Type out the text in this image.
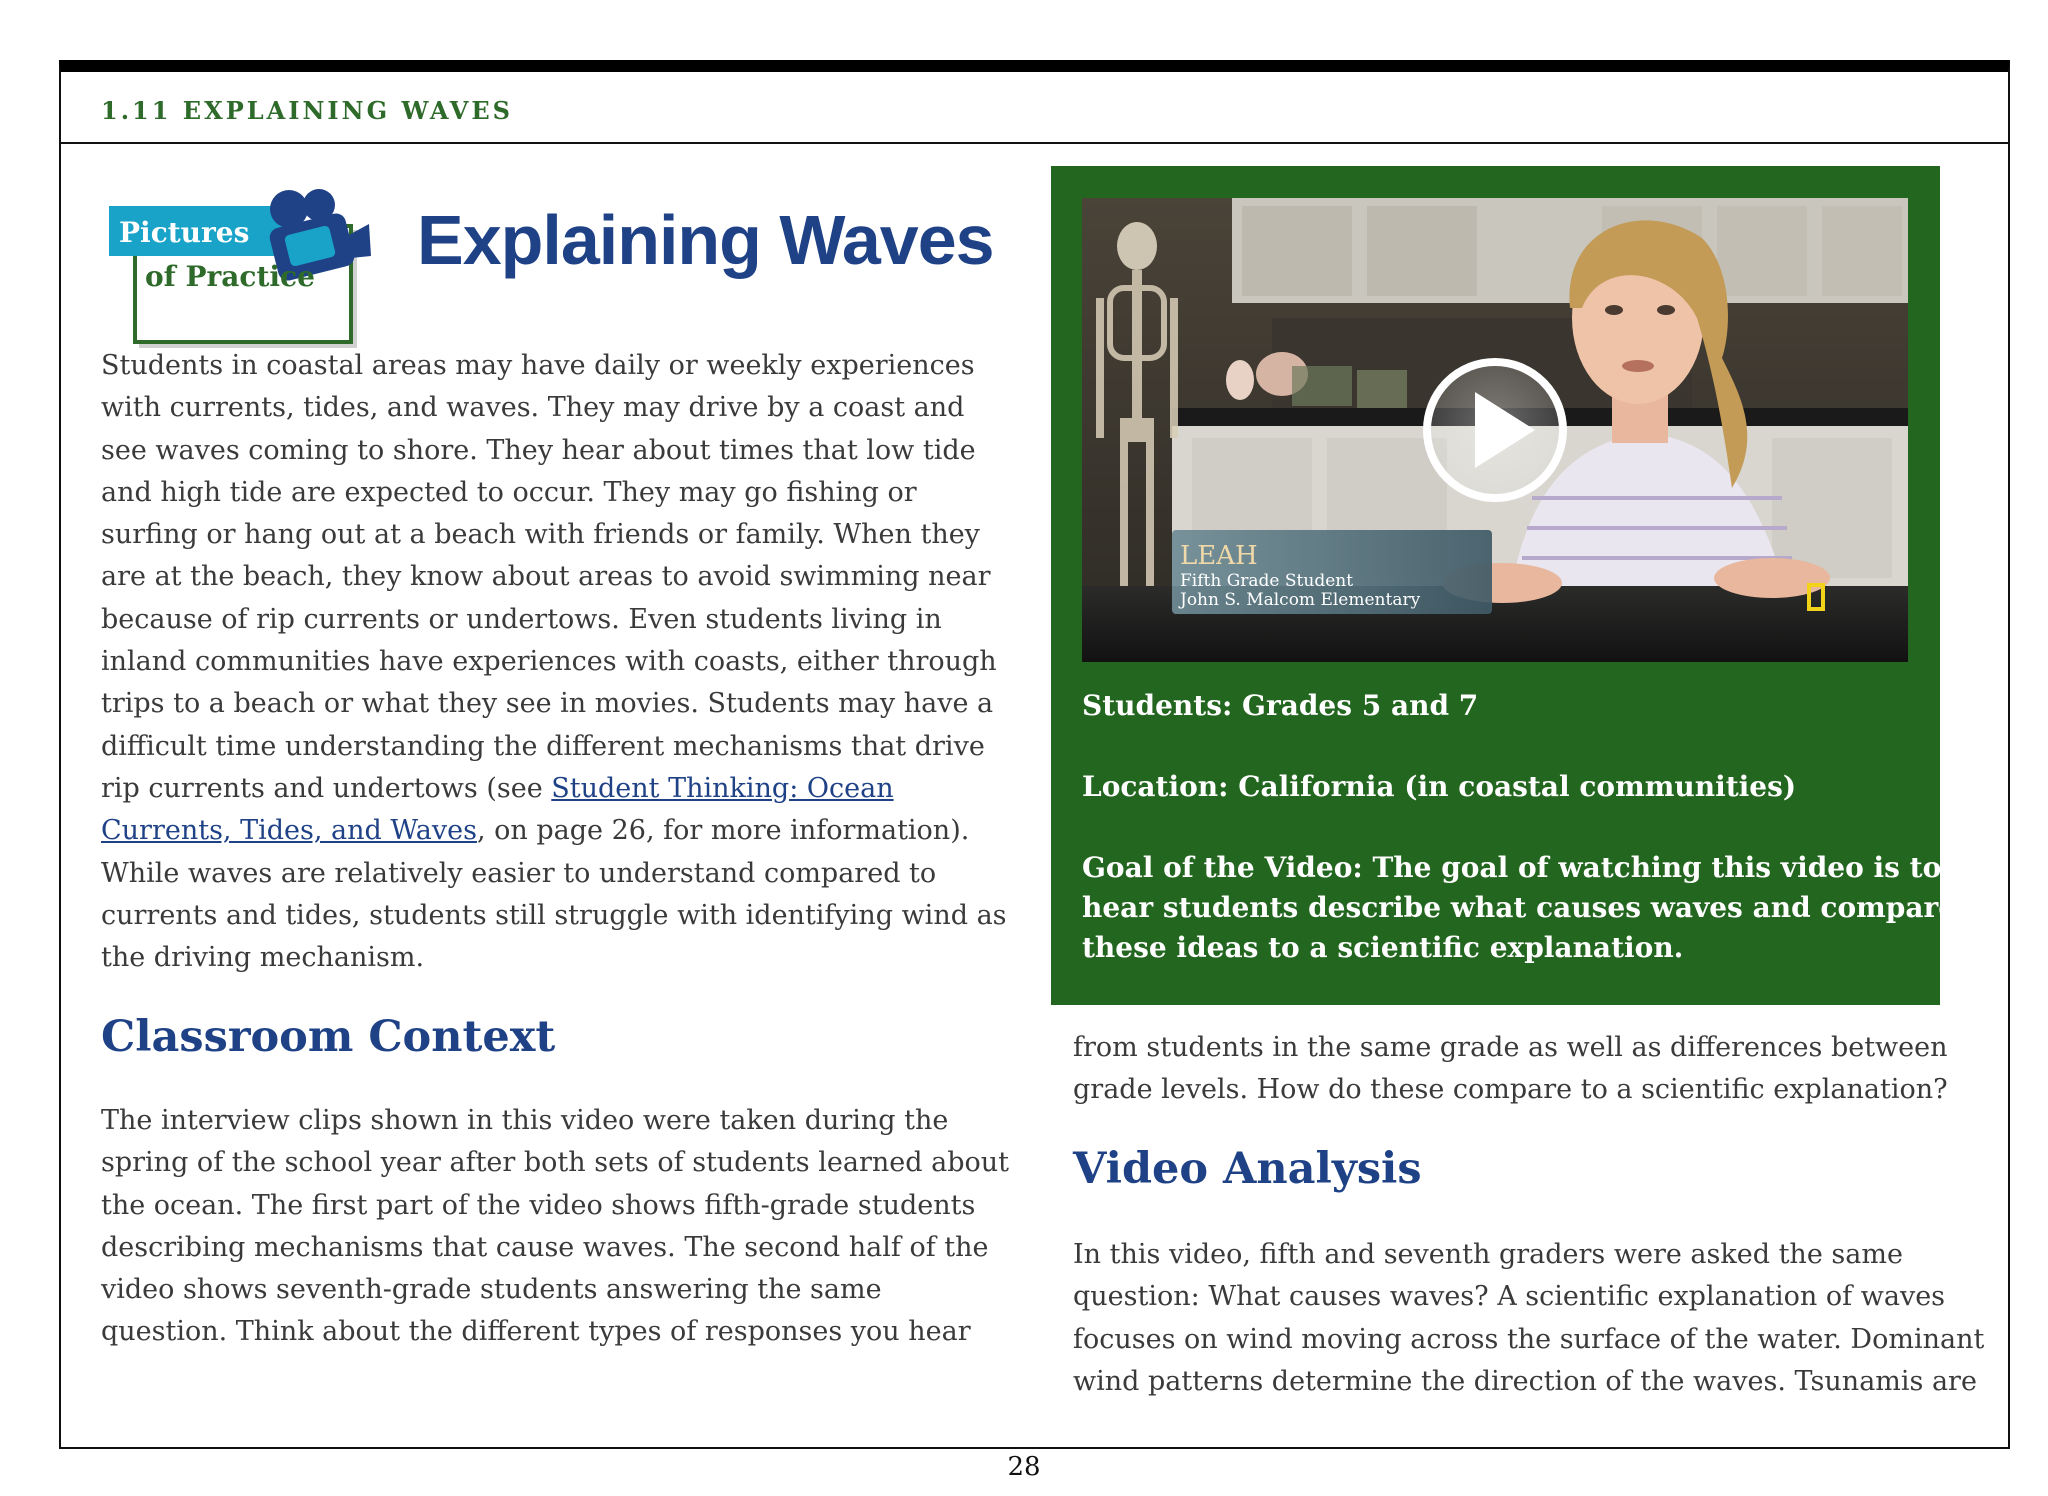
1.11 EXPLAINING WAVES
Pictures
of Practice Explaining Waves
Students in coastal areas may have daily or weekly experiences
with currents, tides, and waves. They may drive by a coast and
see waves coming to shore. They hear about times that low tide
and high tide are expected to occur. They may go fishing or
surfing or hang out at a beach with friends or family. When they
are at the beach, they know about areas to avoid swimming near
because of rip currents or undertows. Even students living in
inland communities have experiences with coasts, either through
trips to a beach or what they see in movies. Students may have a
difficult time understanding the different mechanisms that drive
rip currents and undertows (see Student Thinking: Ocean
Currents, Tides, and Waves, on page 26, for more information).
While waves are relatively easier to understand compared to
currents and tides, students still struggle with identifying wind as
the driving mechanism.
Classroom Context
The interview clips shown in this video were taken during the
spring of the school year after both sets of students learned about
the ocean. The first part of the video shows fifth-grade students
describing mechanisms that cause waves. The second half of the
video shows seventh-grade students answering the same
question. Think about the different types of responses you hear
LEAH
Fifth Grade Student
John S. Malcom Elementary
Students: Grades 5 and 7
Location: California (in coastal communities)
Goal of the Video: The goal of watching this video is to
hear students describe what causes waves and compare
these ideas to a scientific explanation.
from students in the same grade as well as differences between
grade levels. How do these compare to a scientific explanation?
Video Analysis
In this video, fifth and seventh graders were asked the same
question: What causes waves? A scientific explanation of waves
focuses on wind moving across the surface of the water. Dominant
wind patterns determine the direction of the waves. Tsunamis are
28
